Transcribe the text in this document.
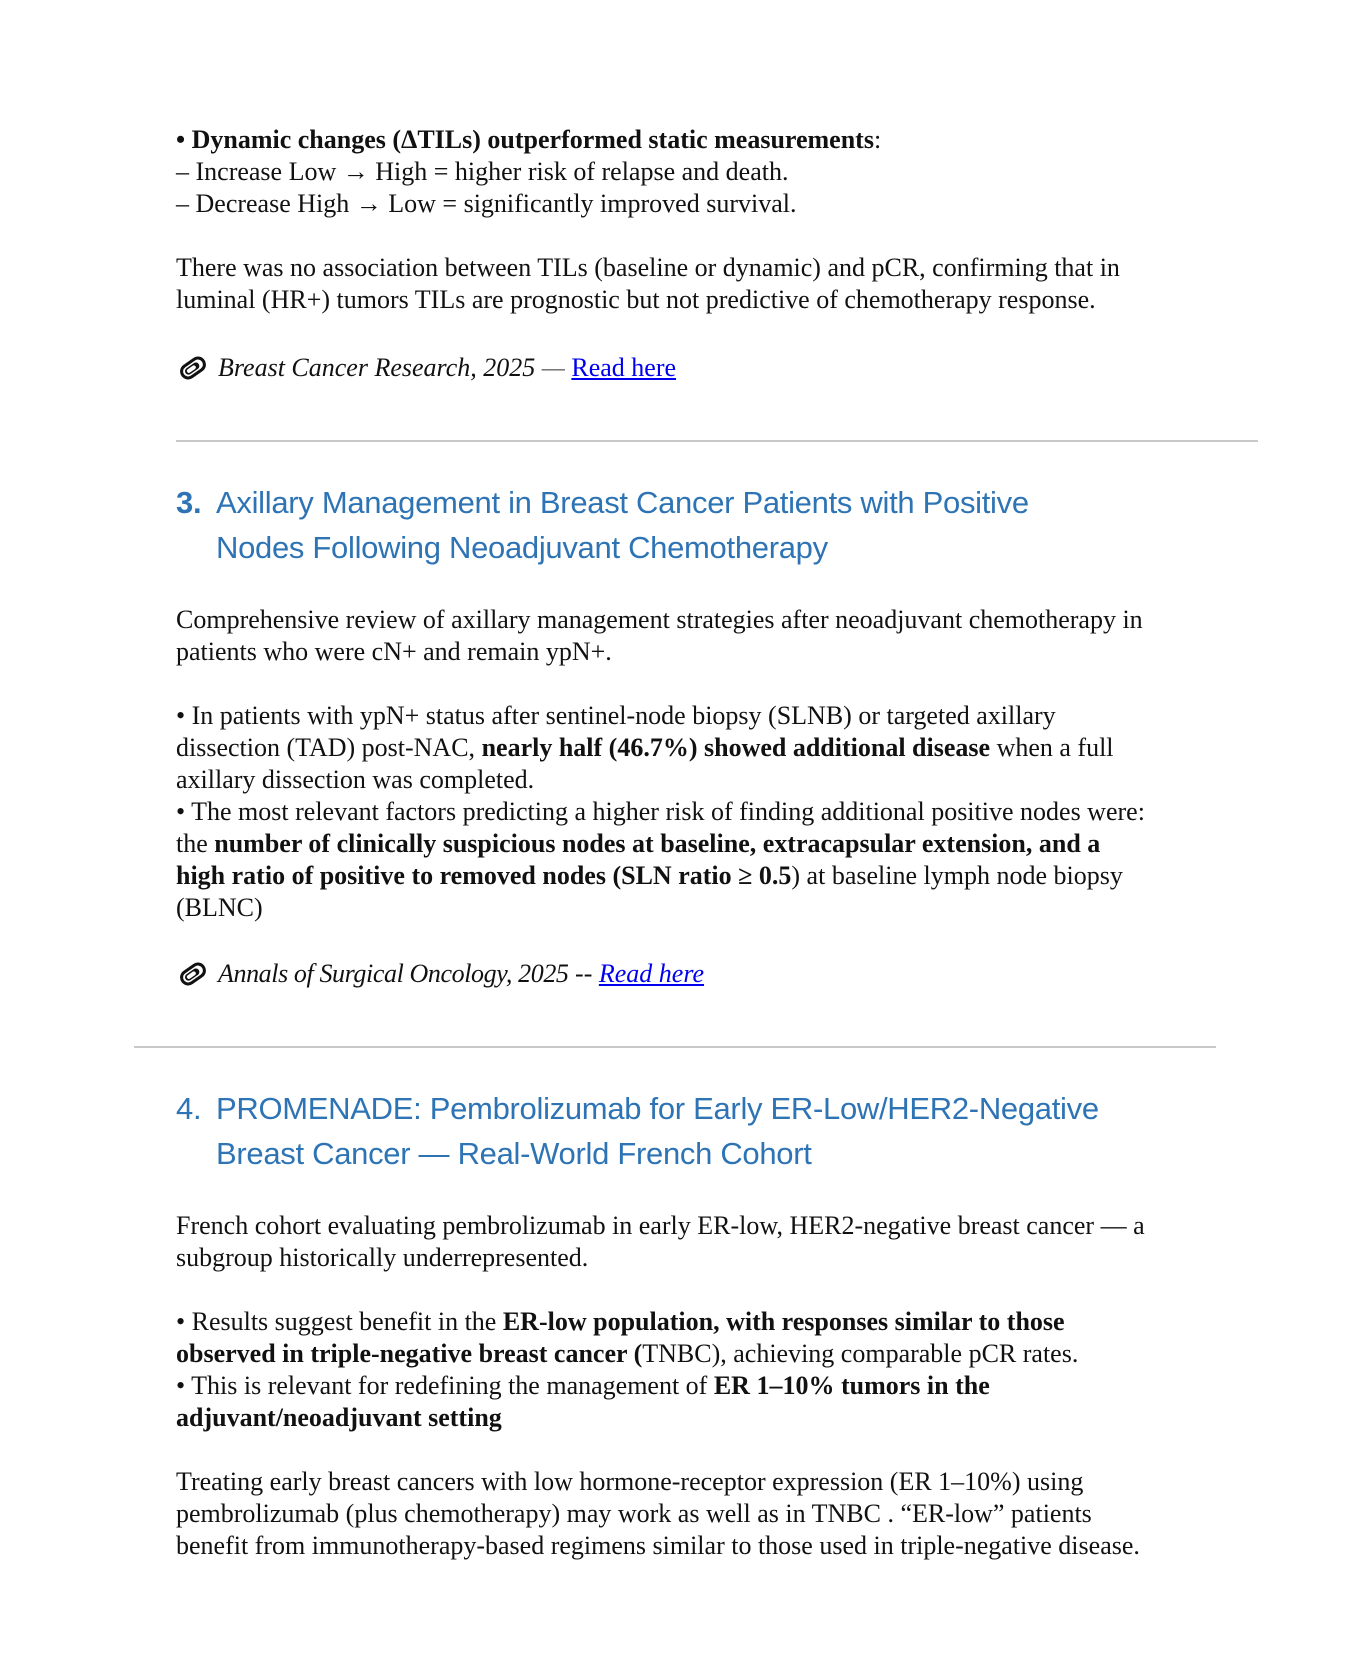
• Dynamic changes (ΔTILs) outperformed static measurements:

– Increase Low → High = higher risk of relapse and death.

– Decrease High → Low = significantly improved survival.

There was no association between TILs (baseline or dynamic) and pCR, confirming that in

luminal (HR+) tumors TILs are prognostic but not predictive of chemotherapy response.

Breast Cancer Research, 2025 — Read here

3. Axillary Management in Breast Cancer Patients with Positive
Nodes Following Neoadjuvant Chemotherapy

Comprehensive review of axillary management strategies after neoadjuvant chemotherapy in

patients who were cN+ and remain ypN+.

• In patients with ypN+ status after sentinel-node biopsy (SLNB) or targeted axillary

dissection (TAD) post-NAC, nearly half (46.7%) showed additional disease when a full

axillary dissection was completed.

• The most relevant factors predicting a higher risk of finding additional positive nodes were:

the number of clinically suspicious nodes at baseline, extracapsular extension, and a

high ratio of positive to removed nodes (SLN ratio ≥ 0.5) at baseline lymph node biopsy

(BLNC)

Annals of Surgical Oncology, 2025 -- Read here

4. PROMENADE: Pembrolizumab for Early ER-Low/HER2-Negative
Breast Cancer — Real-World French Cohort

French cohort evaluating pembrolizumab in early ER-low, HER2-negative breast cancer — a

subgroup historically underrepresented.

• Results suggest benefit in the ER-low population, with responses similar to those

observed in triple-negative breast cancer (TNBC), achieving comparable pCR rates.

• This is relevant for redefining the management of ER 1–10% tumors in the

adjuvant/neoadjuvant setting

Treating early breast cancers with low hormone-receptor expression (ER 1–10%) using

pembrolizumab (plus chemotherapy) may work as well as in TNBC . “ER-low” patients

benefit from immunotherapy-based regimens similar to those used in triple-negative disease.
